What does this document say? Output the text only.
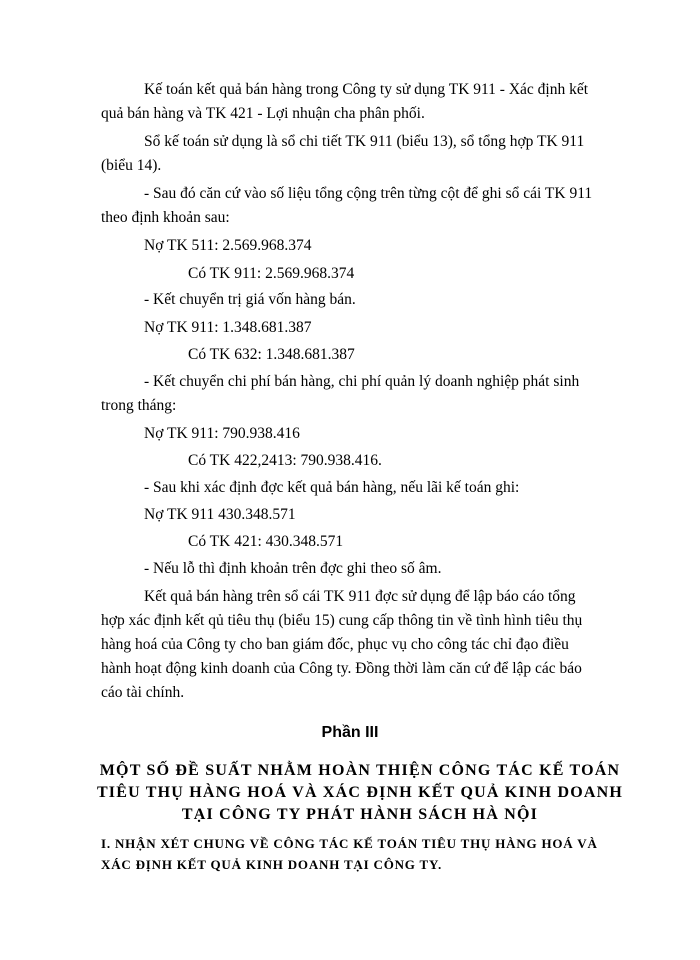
Kế toán kết quả bán hàng trong Công ty sử dụng TK 911 - Xác định kết
quả bán hàng và TK 421 - Lợi nhuận cha phân phối.
Sổ kế toán sử dụng là sổ chi tiết TK 911 (biểu 13), sổ tổng hợp TK 911
(biểu 14).
- Sau đó căn cứ vào số liệu tổng cộng trên từng cột để ghi sổ cái TK 911
theo định khoản sau:
Nợ TK 511: 2.569.968.374
Có TK 911: 2.569.968.374
- Kết chuyển trị giá vốn hàng bán.
Nợ TK 911: 1.348.681.387
Có TK 632: 1.348.681.387
- Kết chuyển chi phí bán hàng, chi phí quản lý doanh nghiệp phát sinh
trong tháng:
Nợ TK 911: 790.938.416
Có TK 422,2413: 790.938.416.
- Sau khi xác định đợc kết quả bán hàng, nếu lãi kế toán ghi:
Nợ TK 911 430.348.571
Có TK 421: 430.348.571
- Nếu lỗ thì định khoản trên đợc ghi theo số âm.
Kết quả bán hàng trên sổ cái TK 911 đợc sử dụng để lập báo cáo tổng
hợp xác định kết qủ tiêu thụ (biểu 15) cung cấp thông tin về tình hình tiêu thụ
hàng hoá của Công ty cho ban giám đốc, phục vụ cho công tác chỉ đạo điều
hành hoạt động kinh doanh của Công ty. Đồng thời làm căn cứ để lập các báo
cáo tài chính.
Phần III
MỘT SỐ ĐỀ SUẤT NHẰM HOÀN THIỆN CÔNG TÁC KẾ TOÁN
TIÊU THỤ HÀNG HOÁ VÀ XÁC ĐỊNH KẾT QUẢ KINH DOANH
TẠI CÔNG TY PHÁT HÀNH SÁCH HÀ NỘI
I. NHẬN XÉT CHUNG VỀ CÔNG TÁC KẾ TOÁN TIÊU THỤ HÀNG HOÁ VÀ
XÁC ĐỊNH KẾT QUẢ KINH DOANH TẠI CÔNG TY.
